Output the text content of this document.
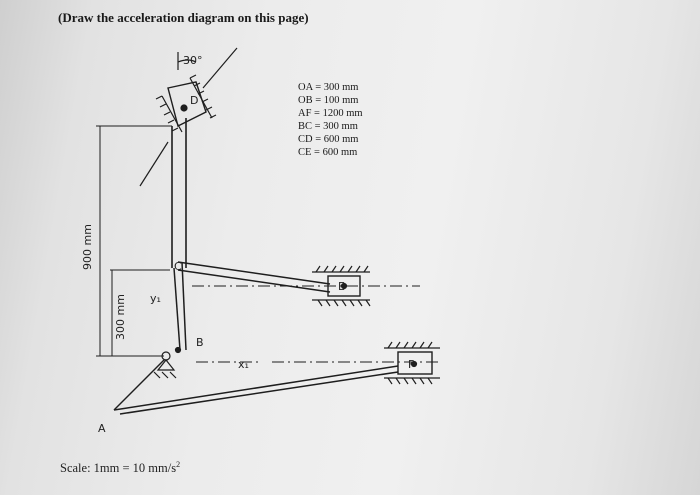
(Draw the acceleration diagram on this page)
OA = 300 mm
OB = 100 mm
AF = 1200 mm
BC = 300 mm
CD = 600 mm
CE = 600 mm
Scale: 1mm = 10 $mm/s^2$
30°
D
C
B
A
E
F
x₁
y₁
900 mm
300 mm
